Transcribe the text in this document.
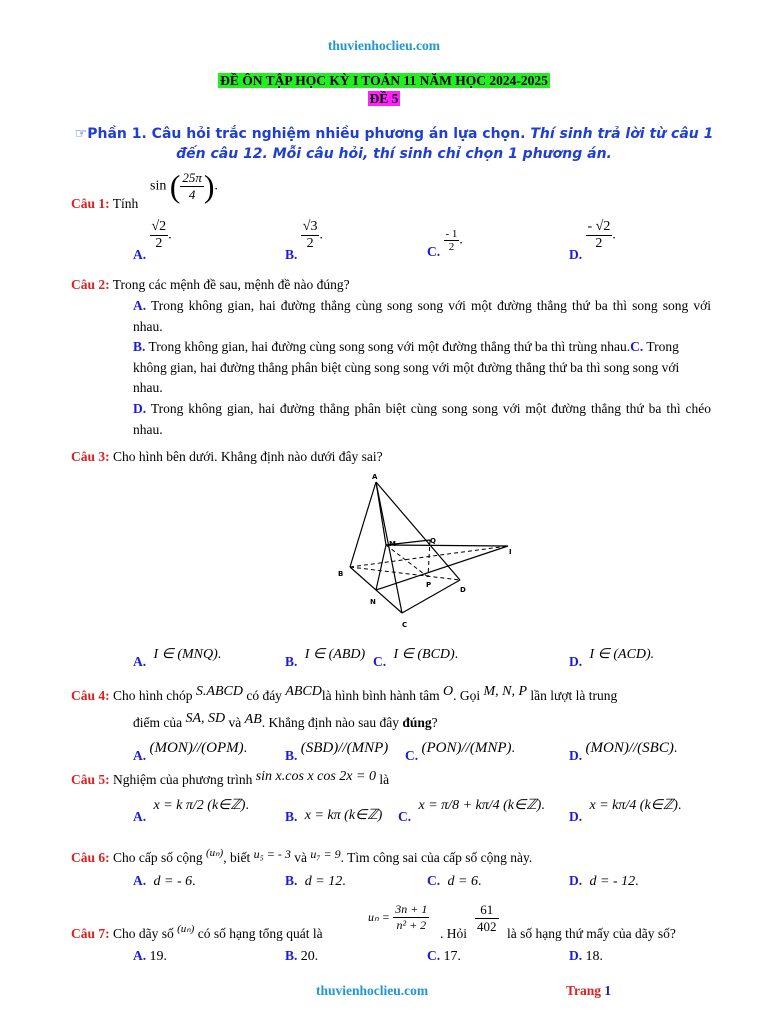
thuvienhoclieu.com
ĐỀ ÔN TẬP HỌC KỲ I TOÁN 11 NĂM HỌC 2024-2025
ĐỀ 5
☞Phần 1. Câu hỏi trắc nghiệm nhiều phương án lựa chọn. Thí sinh trả lời từ câu 1
đến câu 12. Mỗi câu hỏi, thí sinh chỉ chọn 1 phương án.
sin ( $\frac{25\pi}{4}$ ).
Câu 1: Tính
A.
$\frac{√2}{2}$ .
B.
$\frac{√3}{2}$ .
C. $\frac{- 1}{2}$ .
D.
$\frac{- √2}{2}$ .
Câu 2: Trong các mệnh đề sau, mệnh đề nào đúng?
A. Trong không gian, hai đường thẳng cùng song song với một đường thẳng thứ ba thì song song với nhau.
B. Trong không gian, hai đường cùng song song với một đường thẳng thứ ba thì trùng nhau.C. Trong không gian, hai đường thẳng phân biệt cùng song song với một đường thẳng thứ ba thì song song với nhau.
D. Trong không gian, hai đường thẳng phân biệt cùng song song với một đường thẳng thứ ba thì chéo nhau.
Câu 3: Cho hình bên dưới. Khẳng định nào dưới đây sai?
A
B
C
D
M
N
P
Q
I
A. I ∈ (MNQ).
B. I ∈ (ABD) C. I ∈ (BCD).
D. I ∈ (ACD).
Câu 4: Cho hình chóp S.ABCD có đáy ABCDlà hình bình hành tâm O. Gọi M, N, P lần lượt là trung
điểm của SA, SD và AB. Khẳng định nào sau đây đúng?
A. (MON)//(OPM).
B. (SBD)//(MNP) C. (PON)//(MNP).
D. (MON)//(SBC).
Câu 5: Nghiệm của phương trình sin x.cos x cos 2x = 0 là
A. x = k π/2 (k∈ℤ).
B. x = kπ (k∈ℤ) C. x = π/8 + kπ/4 (k∈ℤ).
D. x = kπ/4 (k∈ℤ).
Câu 6: Cho cấp số cộng $^{(u_n)}$, biết u₅ = - 3 và u₇ = 9. Tìm công sai của cấp số cộng này.
A. d = - 6.	B. d = 12.	C. d = 6.	D. d = - 12.
Câu 7: Cho dãy số $^{(u_n)}$ có số hạng tổng quát là
$u_n = \frac{3n + 1}{\text{n² + 2}}$
. Hỏi $\frac{61}{402}$ là số hạng thứ mấy của dãy số?
A. 19.	B. 20.	C. 17.	D. 18.
thuvienhoclieu.com	Trang 1
